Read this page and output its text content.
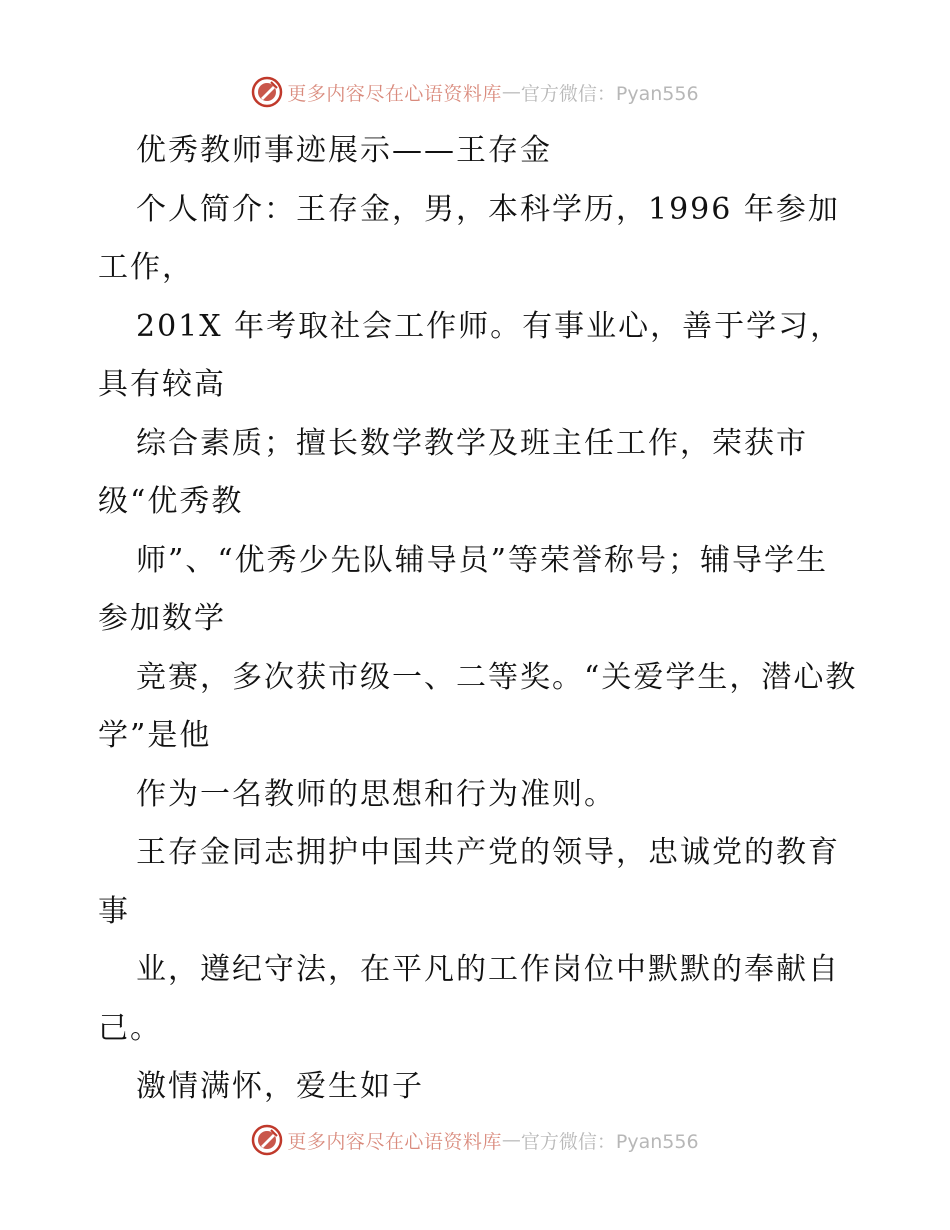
更多内容尽在心语资料库 — 官方微信：Pyan556

优秀教师事迹展示——王存金

个人简介：王存金，男，本科学历，1996 年参加工作，

201X 年考取社会工作师。有事业心，善于学习，具有较高

综合素质；擅长数学教学及班主任工作，荣获市级“优秀教

师”、“优秀少先队辅导员”等荣誉称号；辅导学生参加数学

竞赛，多次获市级一、二等奖。“关爱学生，潜心教学”是他

作为一名教师的思想和行为准则。

王存金同志拥护中国共产党的领导，忠诚党的教育事

业，遵纪守法，在平凡的工作岗位中默默的奉献自己。

激情满怀，爱生如子

更多内容尽在心语资料库 — 官方微信：Pyan556
